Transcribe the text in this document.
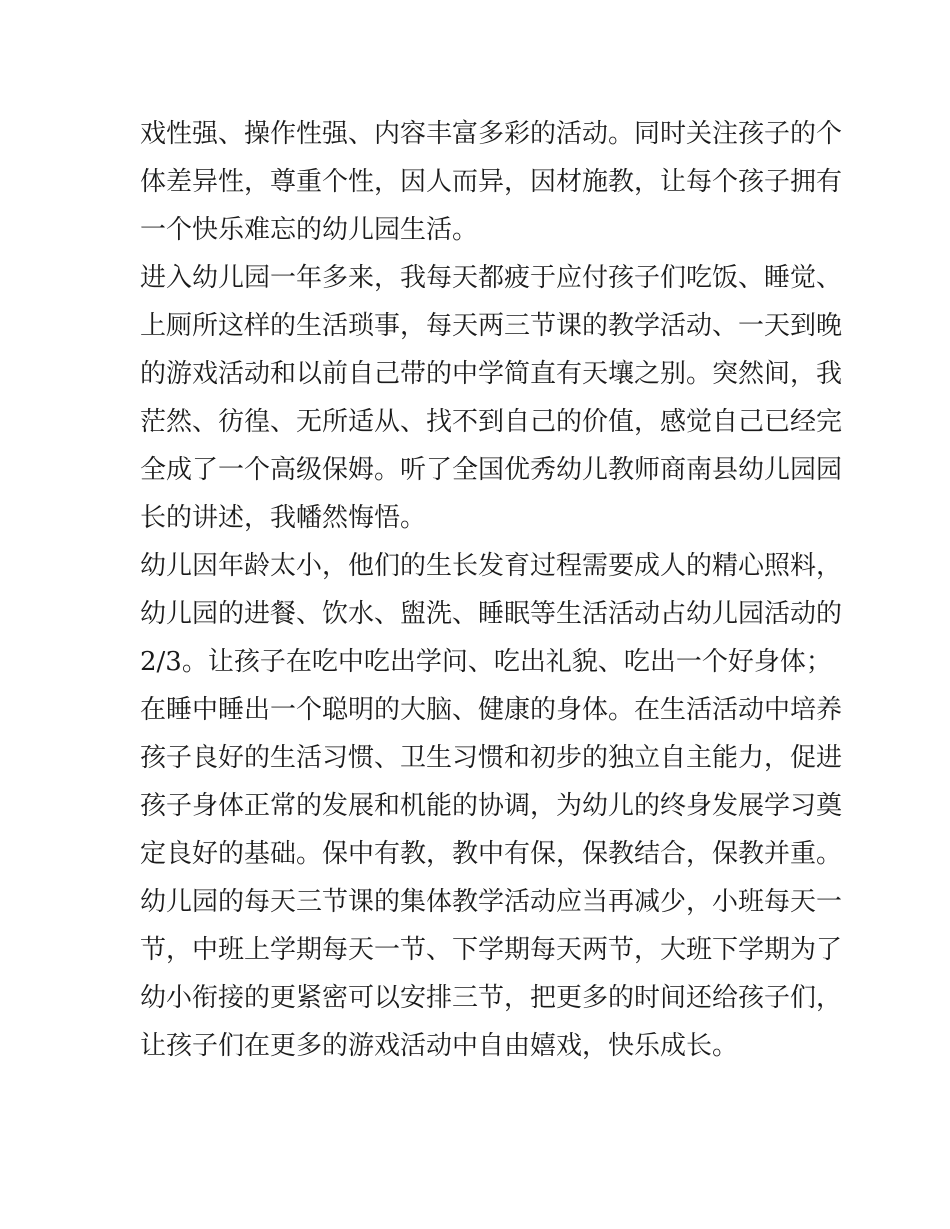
戏性强、操作性强、内容丰富多彩的活动。同时关注孩子的个
体差异性，尊重个性，因人而异，因材施教，让每个孩子拥有
一个快乐难忘的幼儿园生活。
进入幼儿园一年多来，我每天都疲于应付孩子们吃饭、睡觉、
上厕所这样的生活琐事，每天两三节课的教学活动、一天到晚
的游戏活动和以前自己带的中学简直有天壤之别。突然间，我
茫然、彷徨、无所适从、找不到自己的价值，感觉自己已经完
全成了一个高级保姆。听了全国优秀幼儿教师商南县幼儿园园
长的讲述，我幡然悔悟。
幼儿因年龄太小，他们的生长发育过程需要成人的精心照料，
幼儿园的进餐、饮水、盥洗、睡眠等生活活动占幼儿园活动的
2/3。让孩子在吃中吃出学问、吃出礼貌、吃出一个好身体；
在睡中睡出一个聪明的大脑、健康的身体。在生活活动中培养
孩子良好的生活习惯、卫生习惯和初步的独立自主能力，促进
孩子身体正常的发展和机能的协调，为幼儿的终身发展学习奠
定良好的基础。保中有教，教中有保，保教结合，保教并重。
幼儿园的每天三节课的集体教学活动应当再减少，小班每天一
节，中班上学期每天一节、下学期每天两节，大班下学期为了
幼小衔接的更紧密可以安排三节，把更多的时间还给孩子们，
让孩子们在更多的游戏活动中自由嬉戏，快乐成长。
